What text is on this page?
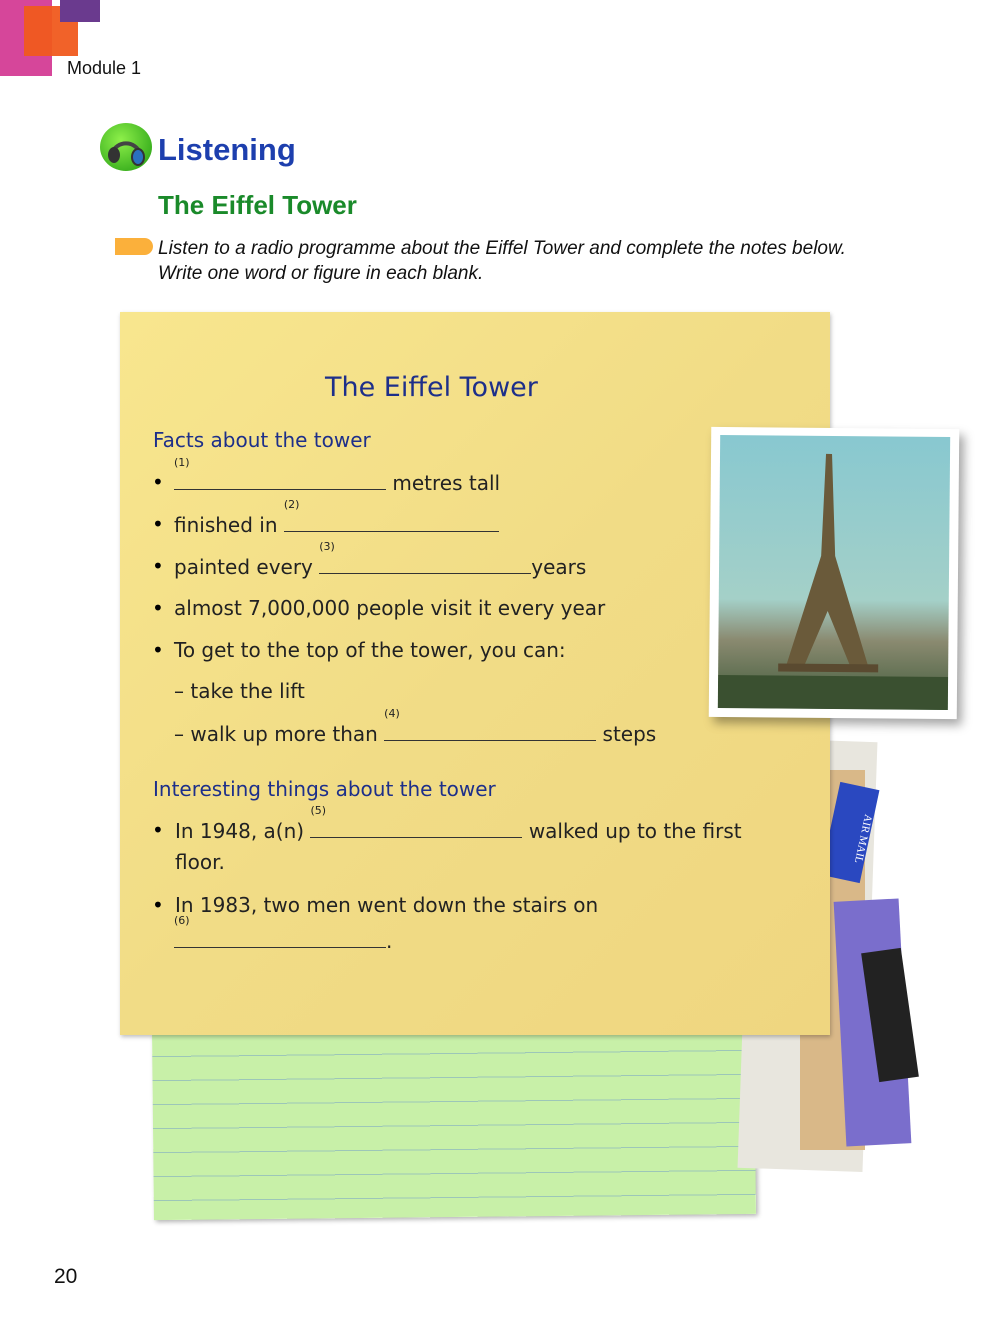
Module 1
Listening
The Eiffel Tower
Listen to a radio programme about the Eiffel Tower and complete the notes below.
Write one word or figure in each blank.
AIR MAIL
The Eiffel Tower
Facts about the tower
•
(1)
metres tall
• finished in
(2)
• painted every
(3)
years
• almost 7,000,000 people visit it every year
• To get to the top of the tower, you can:
– take the lift
– walk up more than
(4)
steps
Interesting things about the tower
• In 1948, a(n)
(5)
walked up to the first
floor.
• In 1983, two men went down the stairs on
(6)
.
20
